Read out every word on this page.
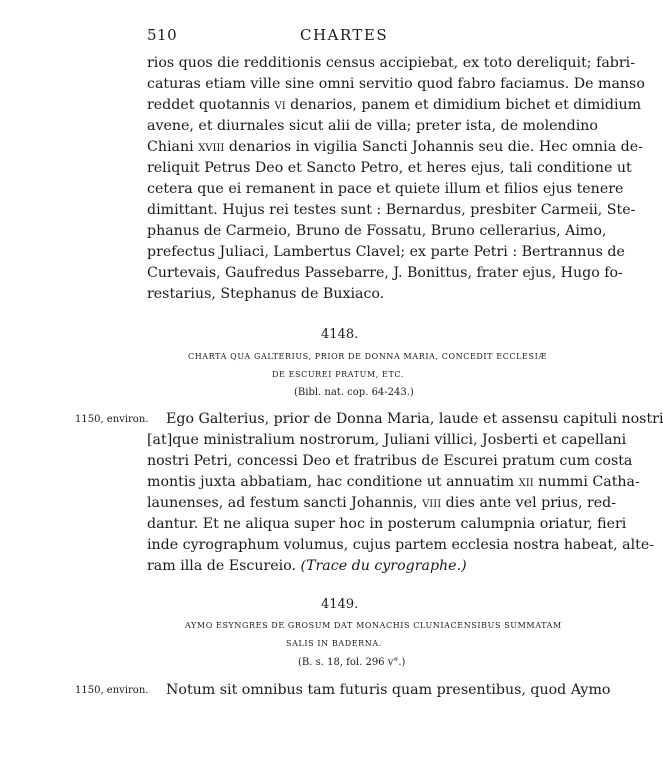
510	CHARTES
rios quos die redditionis census accipiebat, ex toto dereliquit; fabri-
caturas etiam ville sine omni servitio quod fabro faciamus. De manso
reddet quotannis vi denarios, panem et dimidium bichet et dimidium
avene, et diurnales sicut alii de villa; preter ista, de molendino
Chiani xviii denarios in vigilia Sancti Johannis seu die. Hec omnia de-
reliquit Petrus Deo et Sancto Petro, et heres ejus, tali conditione ut
cetera que ei remanent in pace et quiete illum et filios ejus tenere
dimittant. Hujus rei testes sunt : Bernardus, presbiter Carmeii, Ste-
phanus de Carmeio, Bruno de Fossatu, Bruno cellerarius, Aimo,
prefectus Juliaci, Lambertus Clavel; ex parte Petri : Bertrannus de
Curtevais, Gaufredus Passebarre, J. Bonittus, frater ejus, Hugo fo-
restarius, Stephanus de Buxiaco.
4148.
CHARTA QUA GALTERIUS, PRIOR DE DONNA MARIA, CONCEDIT ECCLESIÆ
DE ESCUREI PRATUM, ETC.
(Bibl. nat. cop. 64-243.)
1150, environ. Ego Galterius, prior de Donna Maria, laude et assensu capituli nostri
[at]que ministralium nostrorum, Juliani villici, Josberti et capellani
nostri Petri, concessi Deo et fratribus de Escurei pratum cum costa
montis juxta abbatiam, hac conditione ut annuatim xii nummi Catha-
launenses, ad festum sancti Johannis, viii dies ante vel prius, red-
dantur. Et ne aliqua super hoc in posterum calumpnia oriatur, fieri
inde cyrographum volumus, cujus partem ecclesia nostra habeat, alte-
ram illa de Escureio. (Trace du cyrographe.)
4149.
AYMO ESYNGRES DE GROSUM DAT MONACHIS CLUNIACENSIBUS SUMMATAM
SALIS IN BADERNA.
(B. s. 18, fol. 296 v°.)
1150, environ. Notum sit omnibus tam futuris quam presentibus, quod Aymo
